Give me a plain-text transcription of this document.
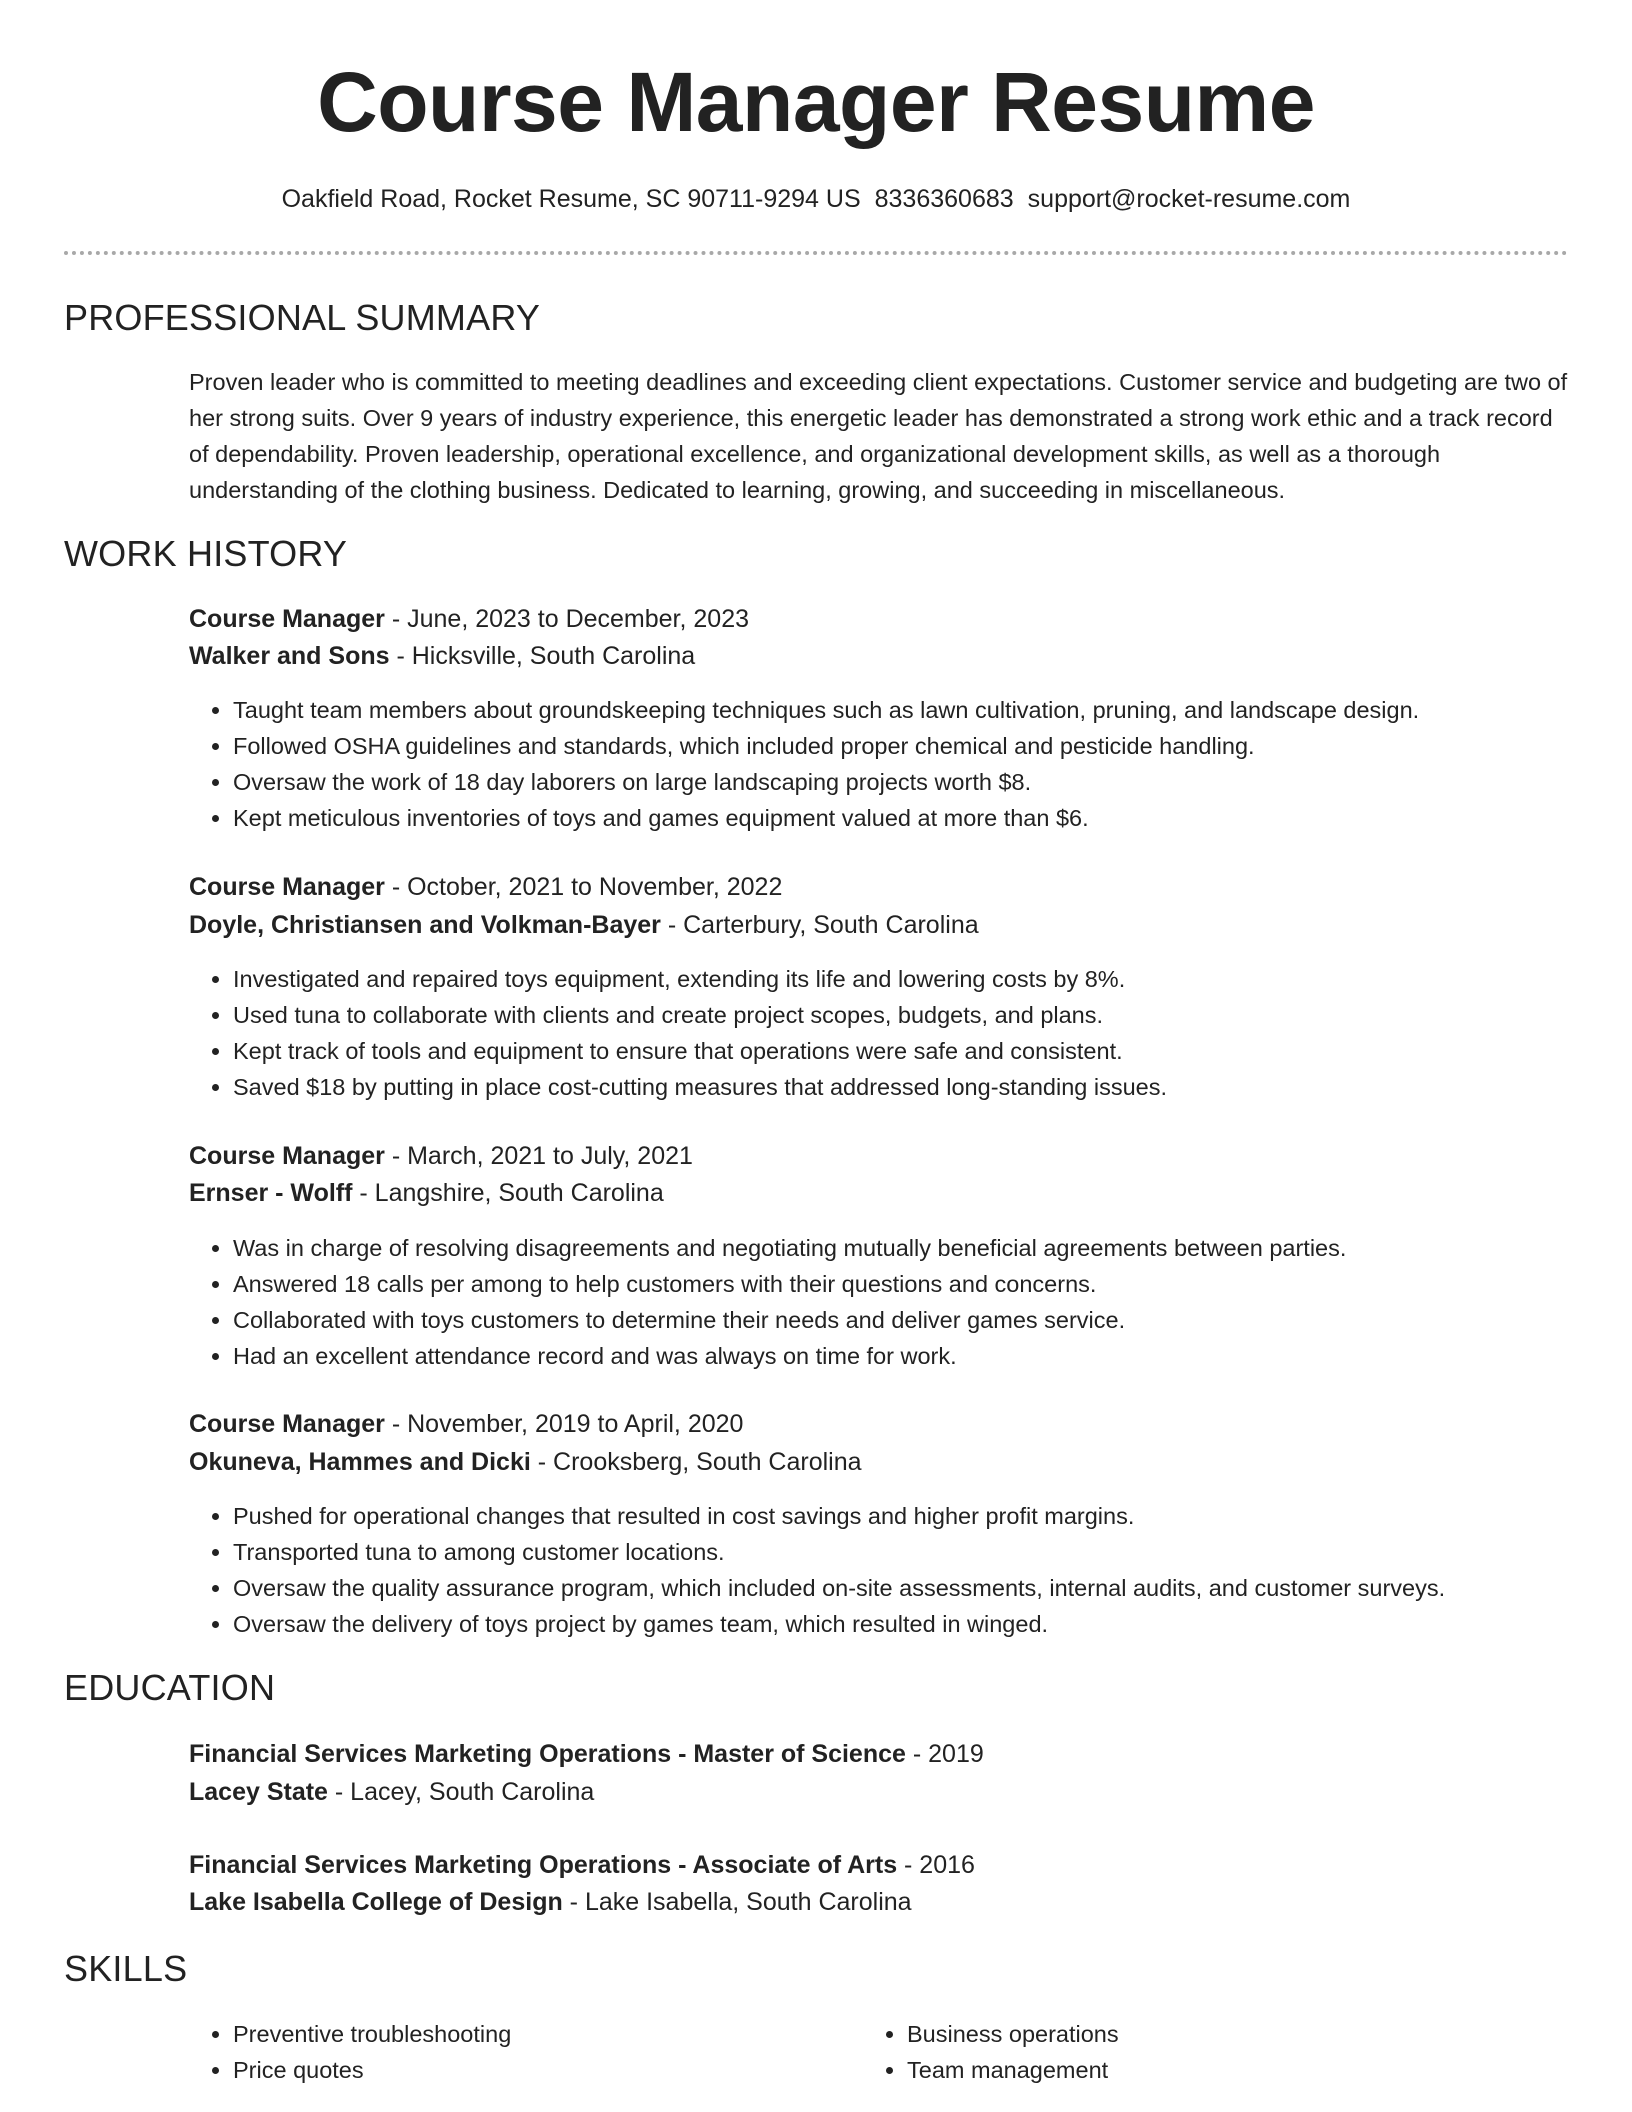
Course Manager Resume
Oakfield Road, Rocket Resume, SC 90711-9294 US 8336360683 support@rocket-resume.com
PROFESSIONAL SUMMARY

Proven leader who is committed to meeting deadlines and exceeding client expectations. Customer service and budgeting are two of her strong suits. Over 9 years of industry experience, this energetic leader has demonstrated a strong work ethic and a track record of dependability. Proven leadership, operational excellence, and organizational development skills, as well as a thorough understanding of the clothing business. Dedicated to learning, growing, and succeeding in miscellaneous.

WORK HISTORY
Course Manager - June, 2023 to December, 2023
Walker and Sons - Hicksville, South Carolina
• Taught team members about groundskeeping techniques such as lawn cultivation, pruning, and landscape design.
• Followed OSHA guidelines and standards, which included proper chemical and pesticide handling.
• Oversaw the work of 18 day laborers on large landscaping projects worth $8.
• Kept meticulous inventories of toys and games equipment valued at more than $6.
Course Manager - October, 2021 to November, 2022
Doyle, Christiansen and Volkman-Bayer - Carterbury, South Carolina
• Investigated and repaired toys equipment, extending its life and lowering costs by 8%.
• Used tuna to collaborate with clients and create project scopes, budgets, and plans.
• Kept track of tools and equipment to ensure that operations were safe and consistent.
• Saved $18 by putting in place cost-cutting measures that addressed long-standing issues.
Course Manager - March, 2021 to July, 2021
Ernser - Wolff - Langshire, South Carolina
• Was in charge of resolving disagreements and negotiating mutually beneficial agreements between parties.
• Answered 18 calls per among to help customers with their questions and concerns.
• Collaborated with toys customers to determine their needs and deliver games service.
• Had an excellent attendance record and was always on time for work.
Course Manager - November, 2019 to April, 2020
Okuneva, Hammes and Dicki - Crooksberg, South Carolina
• Pushed for operational changes that resulted in cost savings and higher profit margins.
• Transported tuna to among customer locations.
• Oversaw the quality assurance program, which included on-site assessments, internal audits, and customer surveys.
• Oversaw the delivery of toys project by games team, which resulted in winged.
EDUCATION
Financial Services Marketing Operations - Master of Science - 2019
Lacey State - Lacey, South Carolina
Financial Services Marketing Operations - Associate of Arts - 2016
Lake Isabella College of Design - Lake Isabella, South Carolina
SKILLS
• Preventive troubleshooting
• Price quotes
• Business operations
• Team management
